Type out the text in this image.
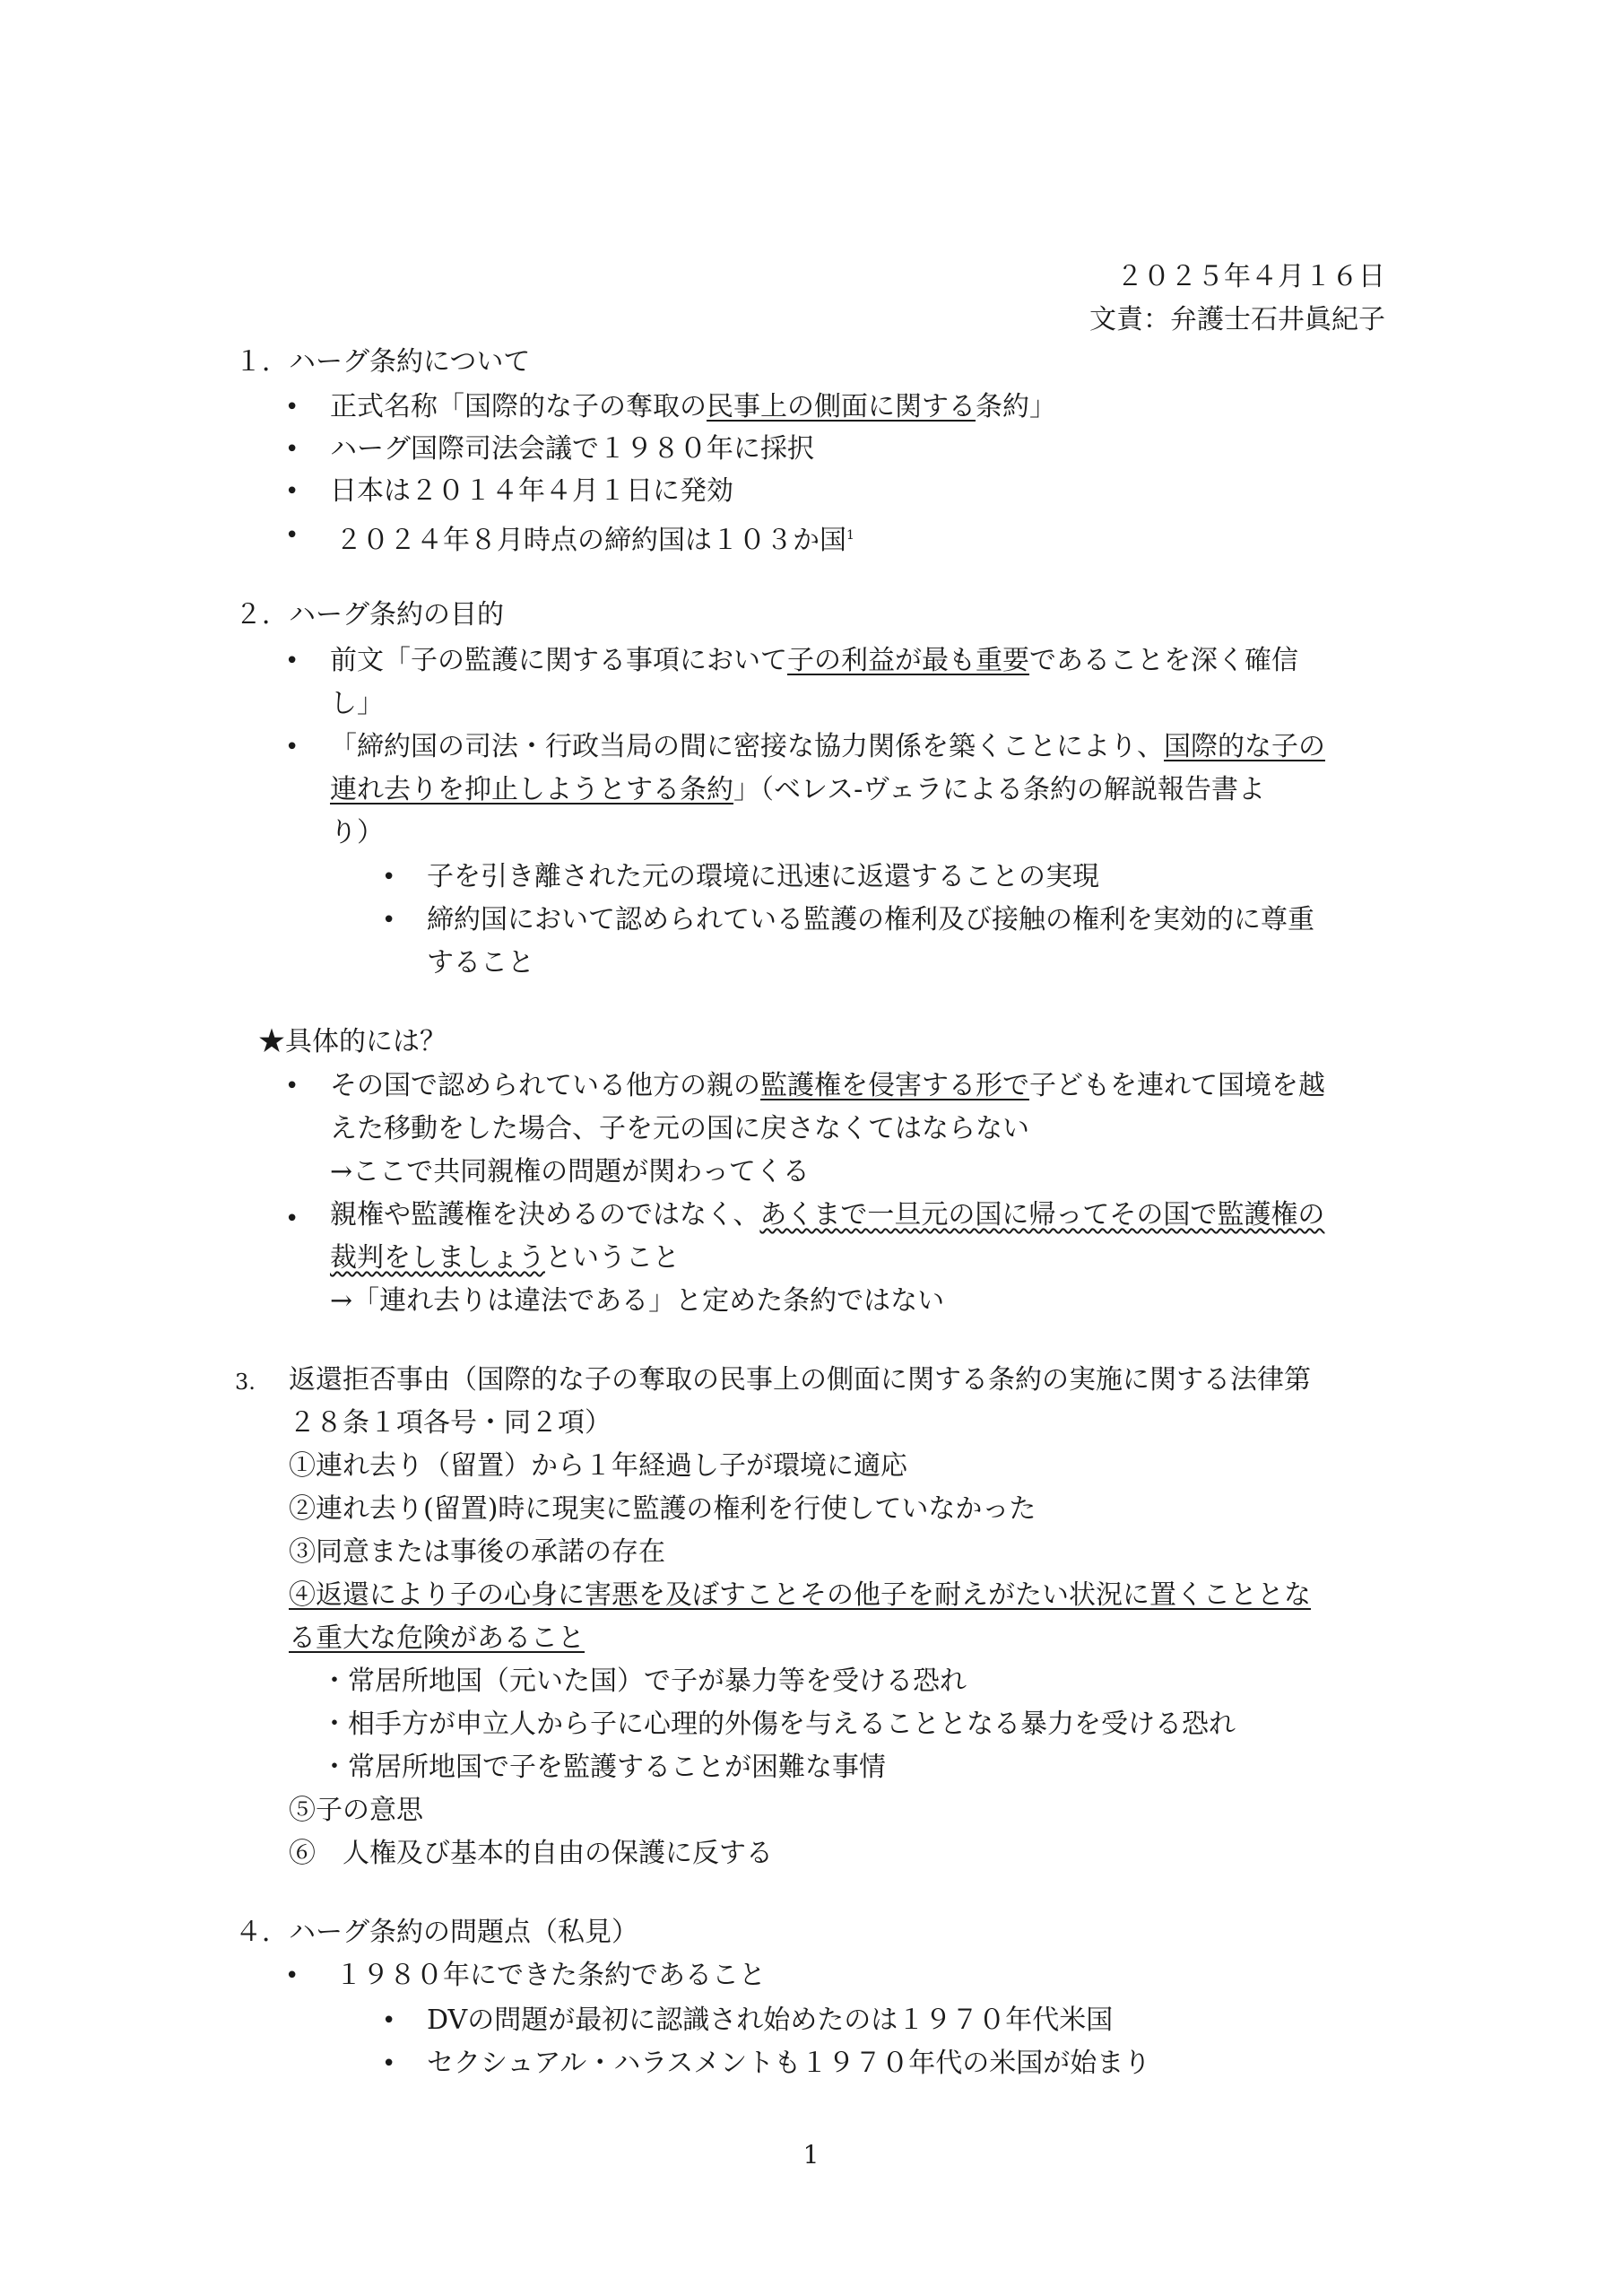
２０２５年４月１６日
文責：弁護士石井眞紀子
１．ハーグ条約について
• 正式名称「国際的な子の奪取の民事上の側面に関する条約」
• ハーグ国際司法会議で１９８０年に採択
• 日本は２０１４年４月１日に発効
• ２０２４年８月時点の締約国は１０３か国$^1$
２．ハーグ条約の目的
• 前文「子の監護に関する事項において子の利益が最も重要であることを深く確信
し」
• 「締約国の司法・行政当局の間に密接な協力関係を築くことにより、国際的な子の
連れ去りを抑止しようとする条約」（ベレス-ヴェラによる条約の解説報告書よ
り）
• 子を引き離された元の環境に迅速に返還することの実現
• 締約国において認められている監護の権利及び接触の権利を実効的に尊重
すること
★具体的には？
• その国で認められている他方の親の監護権を侵害する形で子どもを連れて国境を越
えた移動をした場合、子を元の国に戻さなくてはならない
→ここで共同親権の問題が関わってくる
• 親権や監護権を決めるのではなく、あくまで一旦元の国に帰ってその国で監護権の
裁判をしましょうということ
→「連れ去りは違法である」と定めた条約ではない
3. 返還拒否事由（国際的な子の奪取の民事上の側面に関する条約の実施に関する法律第
２８条１項各号・同２項）
①連れ去り（留置）から１年経過し子が環境に適応
②連れ去り(留置)時に現実に監護の権利を行使していなかった
③同意または事後の承諾の存在
④返還により子の心身に害悪を及ぼすことその他子を耐えがたい状況に置くこととな
る重大な危険があること
・常居所地国（元いた国）で子が暴力等を受ける恐れ
・相手方が申立人から子に心理的外傷を与えることとなる暴力を受ける恐れ
・常居所地国で子を監護することが困難な事情
⑤子の意思
⑥　人権及び基本的自由の保護に反する
４．ハーグ条約の問題点（私見）
• １９８０年にできた条約であること
• DVの問題が最初に認識され始めたのは１９７０年代米国
• セクシュアル・ハラスメントも１９７０年代の米国が始まり
1
